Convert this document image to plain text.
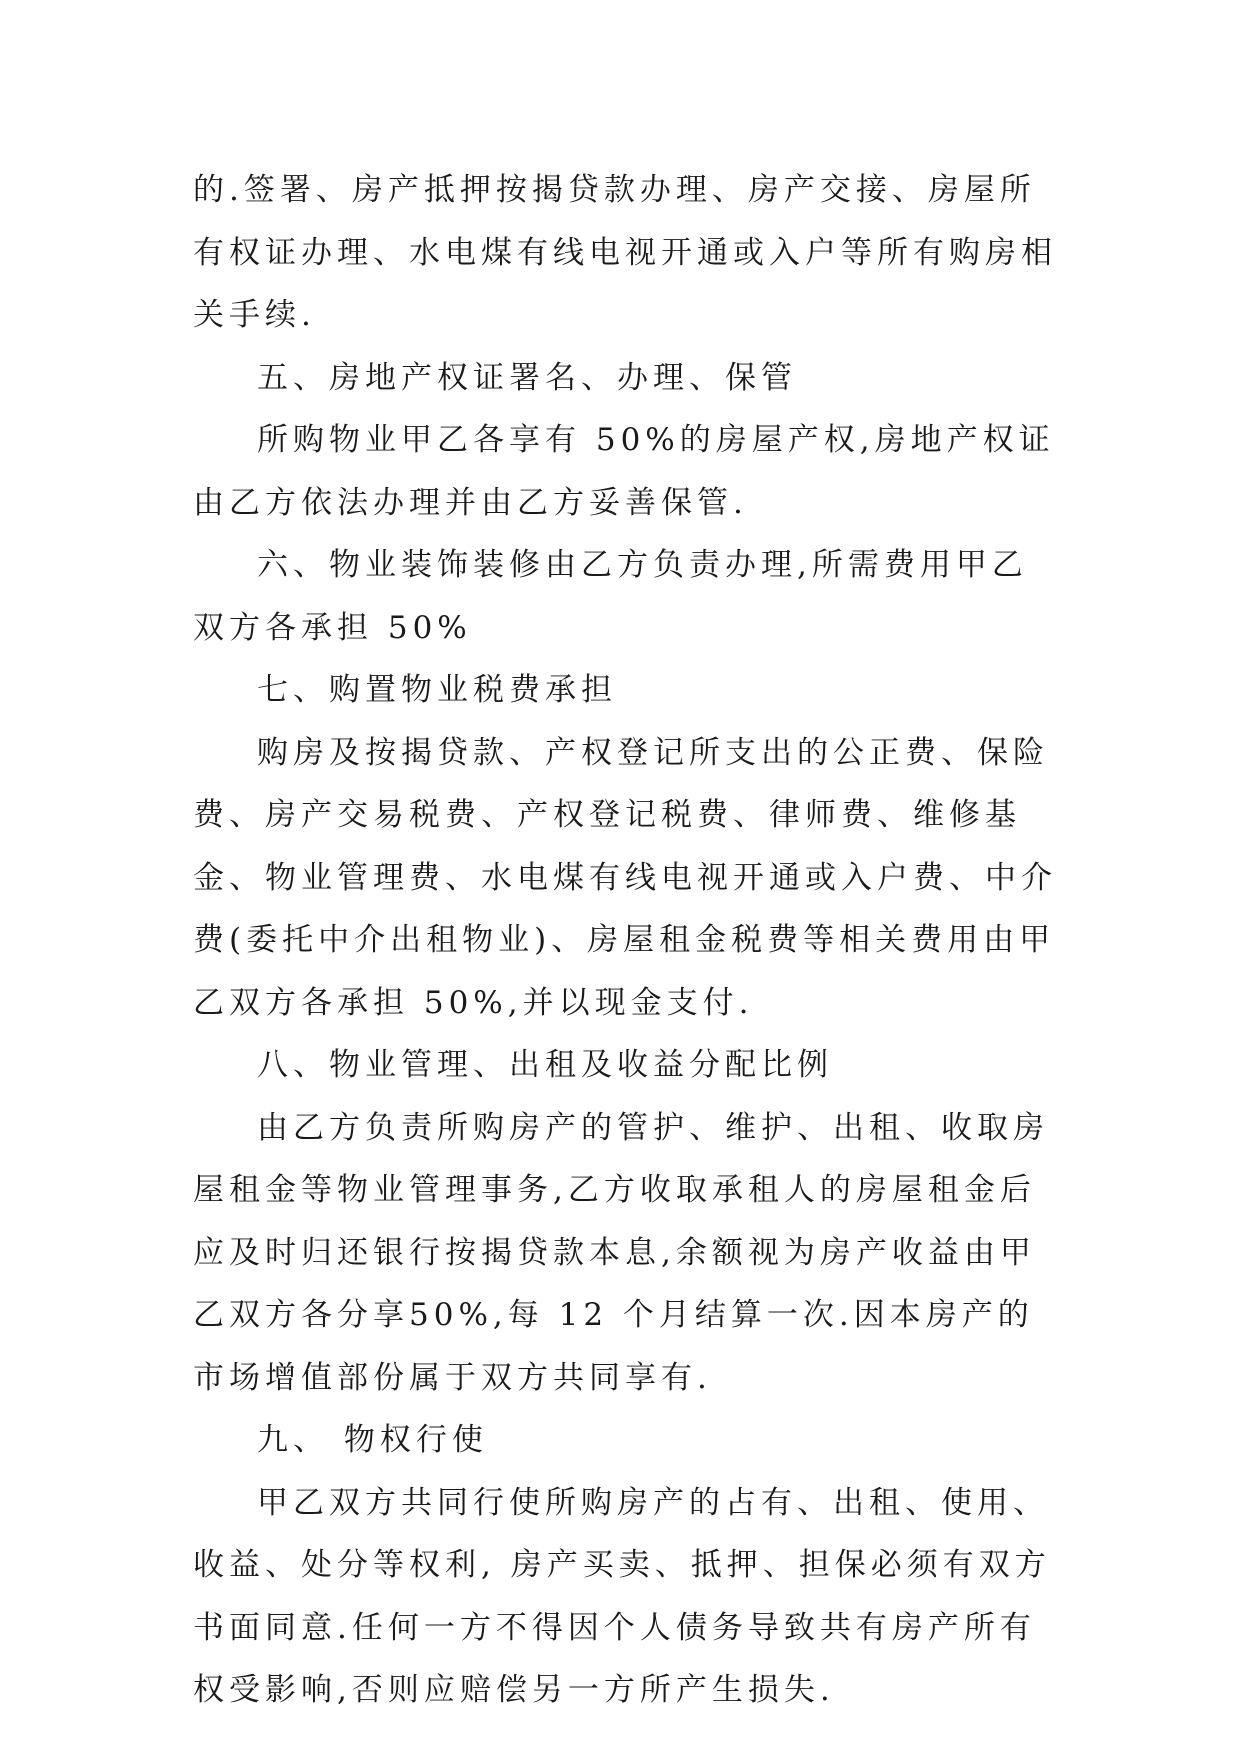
的.签署、房产抵押按揭贷款办理、房产交接、房屋所有权证办理、水电煤有线电视开通或入户等所有购房相关手续.

五、房地产权证署名、办理、保管

所购物业甲乙各享有 50%的房屋产权,房地产权证由乙方依法办理并由乙方妥善保管.

六、物业装饰装修由乙方负责办理,所需费用甲乙双方各承担 50%

七、购置物业税费承担

购房及按揭贷款、产权登记所支出的公正费、保险费、房产交易税费、产权登记税费、律师费、维修基金、物业管理费、水电煤有线电视开通或入户费、中介费(委托中介出租物业)、房屋租金税费等相关费用由甲乙双方各承担 50%,并以现金支付.

八、物业管理、出租及收益分配比例

由乙方负责所购房产的管护、维护、出租、收取房屋租金等物业管理事务,乙方收取承租人的房屋租金后应及时归还银行按揭贷款本息,余额视为房产收益由甲乙双方各分享50%,每 12 个月结算一次.因本房产的市场增值部份属于双方共同享有.

九、 物权行使

甲乙双方共同行使所购房产的占有、出租、使用、收益、处分等权利, 房产买卖、抵押、担保必须有双方书面同意.任何一方不得因个人债务导致共有房产所有权受影响,否则应赔偿另一方所产生损失.
